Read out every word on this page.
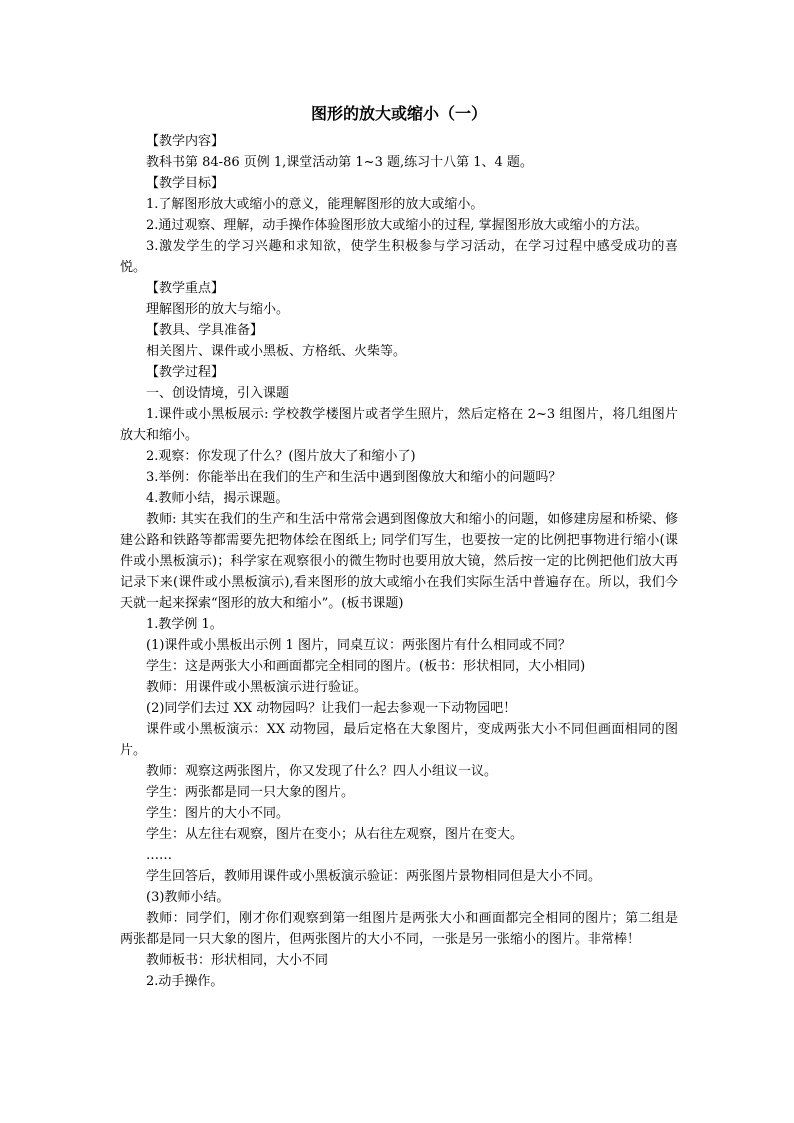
图形的放大或缩小（一）

【教学内容】

教科书第 84-86 页例 1,课堂活动第 1~3 题,练习十八第 1、4 题。

【教学目标】

1.了解图形放大或缩小的意义，能理解图形的放大或缩小。

2.通过观察、理解，动手操作体验图形放大或缩小的过程, 掌握图形放大或缩小的方法。

3.激发学生的学习兴趣和求知欲，使学生积极参与学习活动，在学习过程中感受成功的喜悦。

【教学重点】

理解图形的放大与缩小。

【教具、学具准备】

相关图片、课件或小黑板、方格纸、火柴等。

【教学过程】

一、创设情境，引入课题

1.课件或小黑板展示: 学校教学楼图片或者学生照片，然后定格在 2~3 组图片，将几组图片放大和缩小。

2.观察：你发现了什么？(图片放大了和缩小了)

3.举例：你能举出在我们的生产和生活中遇到图像放大和缩小的问题吗？

4.教师小结，揭示课题。

教师: 其实在我们的生产和生活中常常会遇到图像放大和缩小的问题，如修建房屋和桥梁、修建公路和铁路等都需要先把物体绘在图纸上; 同学们写生，也要按一定的比例把事物进行缩小(课件或小黑板演示)；科学家在观察很小的微生物时也要用放大镜，然后按一定的比例把他们放大再记录下来(课件或小黑板演示),看来图形的放大或缩小在我们实际生活中普遍存在。所以，我们今天就一起来探索“图形的放大和缩小”。(板书课题)

1.教学例 1。

(1)课件或小黑板出示例 1 图片，同桌互议：两张图片有什么相同或不同？

学生：这是两张大小和画面都完全相同的图片。(板书：形状相同，大小相同)

教师：用课件或小黑板演示进行验证。

(2)同学们去过 XX 动物园吗？让我们一起去参观一下动物园吧！

课件或小黑板演示：XX 动物园，最后定格在大象图片，变成两张大小不同但画面相同的图片。

教师：观察这两张图片，你又发现了什么？四人小组议一议。

学生：两张都是同一只大象的图片。

学生：图片的大小不同。

学生：从左往右观察，图片在变小；从右往左观察，图片在变大。

……

学生回答后，教师用课件或小黑板演示验证：两张图片景物相同但是大小不同。

(3)教师小结。

教师：同学们，刚才你们观察到第一组图片是两张大小和画面都完全相同的图片；第二组是两张都是同一只大象的图片，但两张图片的大小不同，一张是另一张缩小的图片。非常棒！

教师板书：形状相同，大小不同

2.动手操作。
